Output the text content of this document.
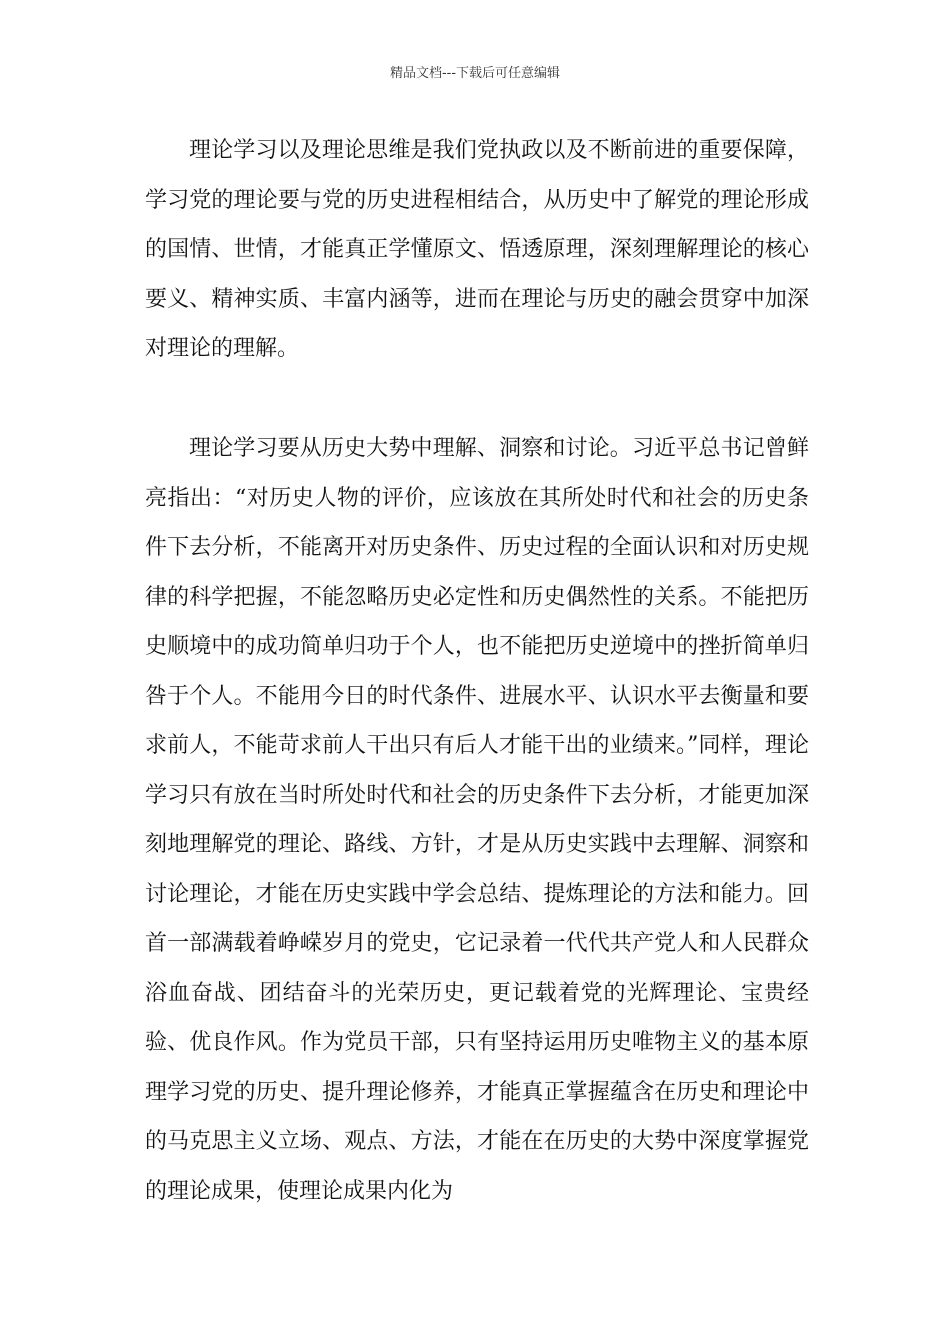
精品文档---下载后可任意编辑

理论学习以及理论思维是我们党执政以及不断前进的重要保障，学习党的理论要与党的历史进程相结合，从历史中了解党的理论形成的国情、世情，才能真正学懂原文、悟透原理，深刻理解理论的核心要义、精神实质、丰富内涵等，进而在理论与历史的融会贯穿中加深对理论的理解。

理论学习要从历史大势中理解、洞察和讨论。习近平总书记曾鲜亮指出：“对历史人物的评价，应该放在其所处时代和社会的历史条件下去分析，不能离开对历史条件、历史过程的全面认识和对历史规律的科学把握，不能忽略历史必定性和历史偶然性的关系。不能把历史顺境中的成功简单归功于个人，也不能把历史逆境中的挫折简单归咎于个人。不能用今日的时代条件、进展水平、认识水平去衡量和要求前人，不能苛求前人干出只有后人才能干出的业绩来。”同样，理论学习只有放在当时所处时代和社会的历史条件下去分析，才能更加深刻地理解党的理论、路线、方针，才是从历史实践中去理解、洞察和讨论理论，才能在历史实践中学会总结、提炼理论的方法和能力。回首一部满载着峥嵘岁月的党史，它记录着一代代共产党人和人民群众浴血奋战、团结奋斗的光荣历史，更记载着党的光辉理论、宝贵经验、优良作风。作为党员干部，只有坚持运用历史唯物主义的基本原理学习党的历史、提升理论修养，才能真正掌握蕴含在历史和理论中的马克思主义立场、观点、方法，才能在在历史的大势中深度掌握党的理论成果，使理论成果内化为
